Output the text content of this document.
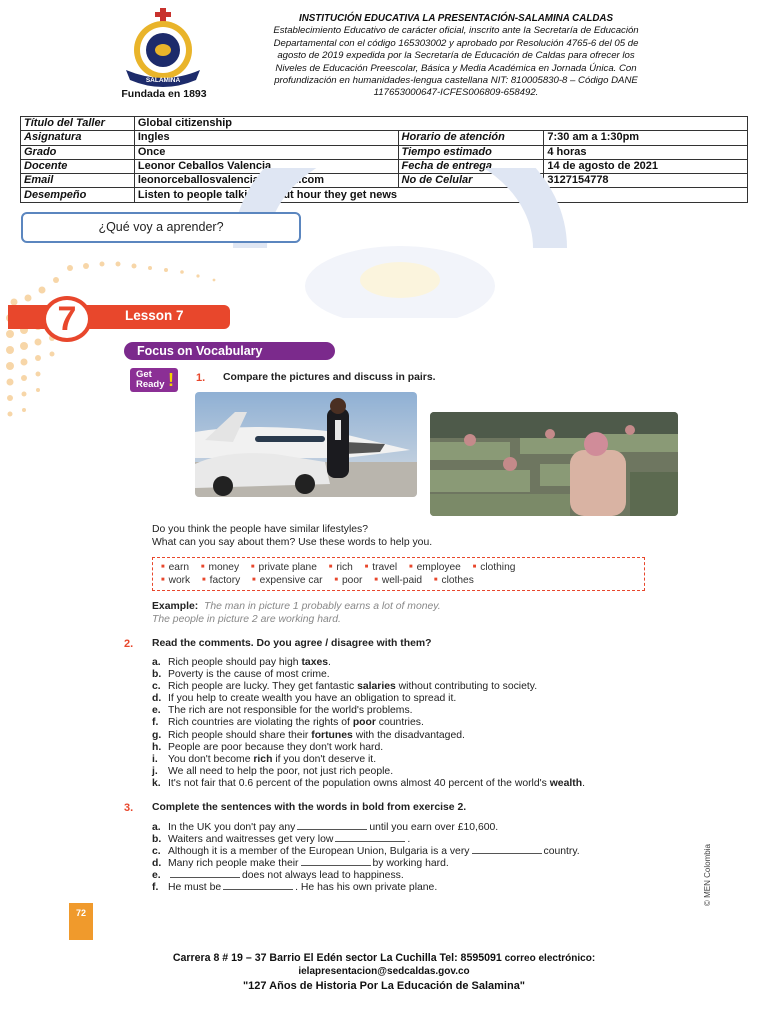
SALAMINA
Fundada en 1893
INSTITUCIÓN EDUCATIVA LA PRESENTACIÓN-SALAMINA CALDAS
Establecimiento Educativo de carácter oficial, inscrito ante la Secretaría de Educación
Departamental con el código 165303002 y aprobado por Resolución 4765-6 del 05 de
agosto de 2019 expedida por la Secretaría de Educación de Caldas para ofrecer los
Niveles de Educación Preescolar, Básica y Media Académica en Jornada Única. Con
profundización en humanidades-lengua castellana NIT: 810005830-8 – Código DANE
117653000647-ICFES006809-658492.
Título del Taller	Global citizenship		
Asignatura	Ingles	Horario de atención	7:30 am a 1:30pm
Grado	Once	Tiempo estimado	4 horas
Docente	Leonor Ceballos Valencia	Fecha de entrega	14 de agosto de 2021
Email	leonorceballosvalencia@gmail.com	No de Celular	3127154778
Desempeño	Listen to people talking about hour they get news		
¿Qué voy a aprender?
7	Lesson 7
Focus on Vocabulary
Get
Ready ! 1. Compare the pictures and discuss in pairs.
Do you think the people have similar lifestyles?
What can you say about them? Use these words to help you.
■ earn ■ money ■ private plane ■ rich ■ travel ■ employee ■ clothing
■ work ■ factory ■ expensive car ■ poor ■ well-paid ■ clothes
Example: The man in picture 1 probably earns a lot of money.
The people in picture 2 are working hard.
2. Read the comments. Do you agree / disagree with them?
a. Rich people should pay high taxes.
b. Poverty is the cause of most crime.
c. Rich people are lucky. They get fantastic salaries without contributing to society.
d. If you help to create wealth you have an obligation to spread it.
e. The rich are not responsible for the world's problems.
f. Rich countries are violating the rights of poor countries.
g. Rich people should share their fortunes with the disadvantaged.
h. People are poor because they don't work hard.
i. You don't become rich if you don't deserve it.
j. We all need to help the poor, not just rich people.
k. It's not fair that 0.6 percent of the population owns almost 40 percent of the world's wealth.
3. Complete the sentences with the words in bold from exercise 2.
a. In the UK you don't pay any	until you earn over £10,600.
b. Waiters and waitresses get very low	.
c. Although it is a member of the European Union, Bulgaria is a very	country.
d. Many rich people make their	by working hard.
e.	does not always lead to happiness.
f. He must be	. He has his own private plane.
72
© MEN Colombia
Carrera 8 # 19 – 37 Barrio El Edén sector La Cuchilla Tel: 8595091 correo electrónico:
ielapresentacion@sedcaldas.gov.co
"127 Años de Historia Por La Educación de Salamina"
